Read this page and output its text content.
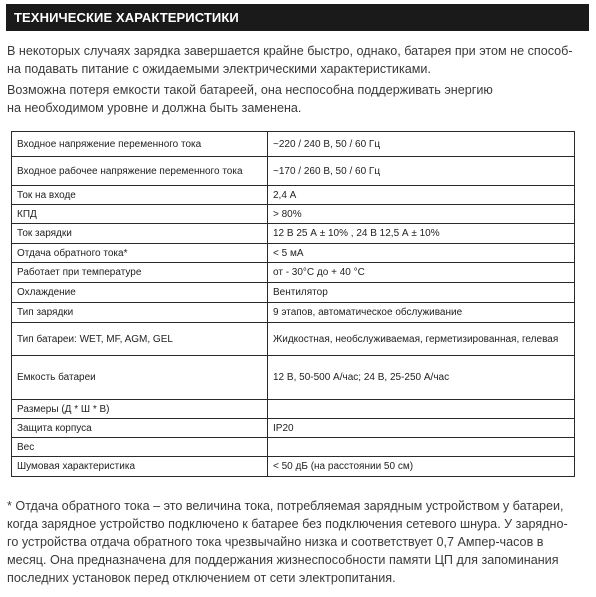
ТЕХНИЧЕСКИЕ ХАРАКТЕРИСТИКИ

В некоторых случаях зарядка завершается крайне быстро, однако, батарея при этом не способ-
на подавать питание с ожидаемыми электрическими характеристиками.

Возможна потеря емкости такой батареей, она неспособна поддерживать энергию
на необходимом уровне и должна быть заменена.

Входное напряжение переменного тока	~220 / 240 В, 50 / 60 Гц
Входное рабочее напряжение переменного тока	~170 / 260 В, 50 / 60 Гц
Ток на входе	2,4 А
КПД	> 80%
Ток зарядки	12 В 25 А ± 10% , 24 В 12,5 А ± 10%
Отдача обратного тока*	< 5 мА
Работает при температуре	от - 30°С до + 40 °С
Охлаждение	Вентилятор
Тип зарядки	9 этапов, автоматическое обслуживание
Тип батареи: WET, MF, AGM, GEL	Жидкостная, необслуживаемая, герметизированная, гелевая
Емкость батареи	12 В, 50-500 А/час; 24 В, 25-250 А/час
Размеры (Д * Ш * В)	
Защита корпуса	IP20
Вес	
Шумовая характеристика	< 50 дБ (на расстоянии 50 см)

* Отдача обратного тока – это величина тока, потребляемая зарядным устройством у батареи,
когда зарядное устройство подключено к батарее без подключения сетевого шнура. У зарядно-
го устройства отдача обратного тока чрезвычайно низка и соответствует 0,7 Ампер-часов в
месяц. Она предназначена для поддержания жизнеспособности памяти ЦП для запоминания
последних установок перед отключением от сети электропитания.
